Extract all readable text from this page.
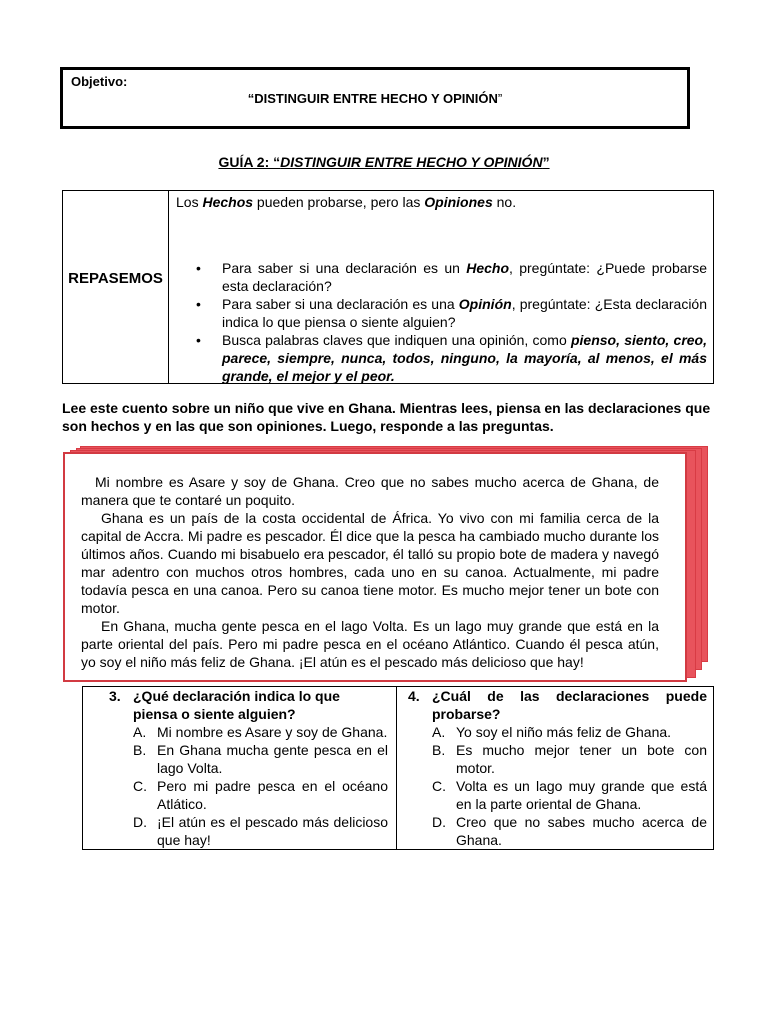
Objetivo:
“DISTINGUIR ENTRE HECHO Y OPINIÓN”
GUÍA 2: “DISTINGUIR ENTRE HECHO Y OPINIÓN”
REPASEMOS
Los Hechos pueden probarse, pero las Opiniones no.
• Para saber si una declaración es un Hecho, pregúntate: ¿Puede probarse esta declaración?
• Para saber si una declaración es una Opinión, pregúntate: ¿Esta declaración indica lo que piensa o siente alguien?
• Busca palabras claves que indiquen una opinión, como pienso, siento, creo, parece, siempre, nunca, todos, ninguno, la mayoría, al menos, el más grande, el mejor y el peor.
Lee este cuento sobre un niño que vive en Ghana. Mientras lees, piensa en las declaraciones que son hechos y en las que son opiniones. Luego, responde a las preguntas.

Mi nombre es Asare y soy de Ghana. Creo que no sabes mucho acerca de Ghana, de manera que te contaré un poquito.

Ghana es un país de la costa occidental de África. Yo vivo con mi familia cerca de la capital de Accra. Mi padre es pescador. Él dice que la pesca ha cambiado mucho durante los últimos años. Cuando mi bisabuelo era pescador, él talló su propio bote de madera y navegó mar adentro con muchos otros hombres, cada uno en su canoa. Actualmente, mi padre todavía pesca en una canoa. Pero su canoa tiene motor. Es mucho mejor tener un bote con motor.

En Ghana, mucha gente pesca en el lago Volta. Es un lago muy grande que está en la parte oriental del país. Pero mi padre pesca en el océano Atlántico. Cuando él pesca atún, yo soy el niño más feliz de Ghana. ¡El atún es el pescado más delicioso que hay!

3. ¿Qué declaración indica lo que piensa o siente alguien?
A. Mi nombre es Asare y soy de Ghana.
B. En Ghana mucha gente pesca en el lago Volta.
C. Pero mi padre pesca en el océano Atlático.
D. ¡El atún es el pescado más delicioso que hay!
4. ¿Cuál de las declaraciones puede probarse?
A. Yo soy el niño más feliz de Ghana.
B. Es mucho mejor tener un bote con motor.
C. Volta es un lago muy grande que está en la parte oriental de Ghana.
D. Creo que no sabes mucho acerca de Ghana.
